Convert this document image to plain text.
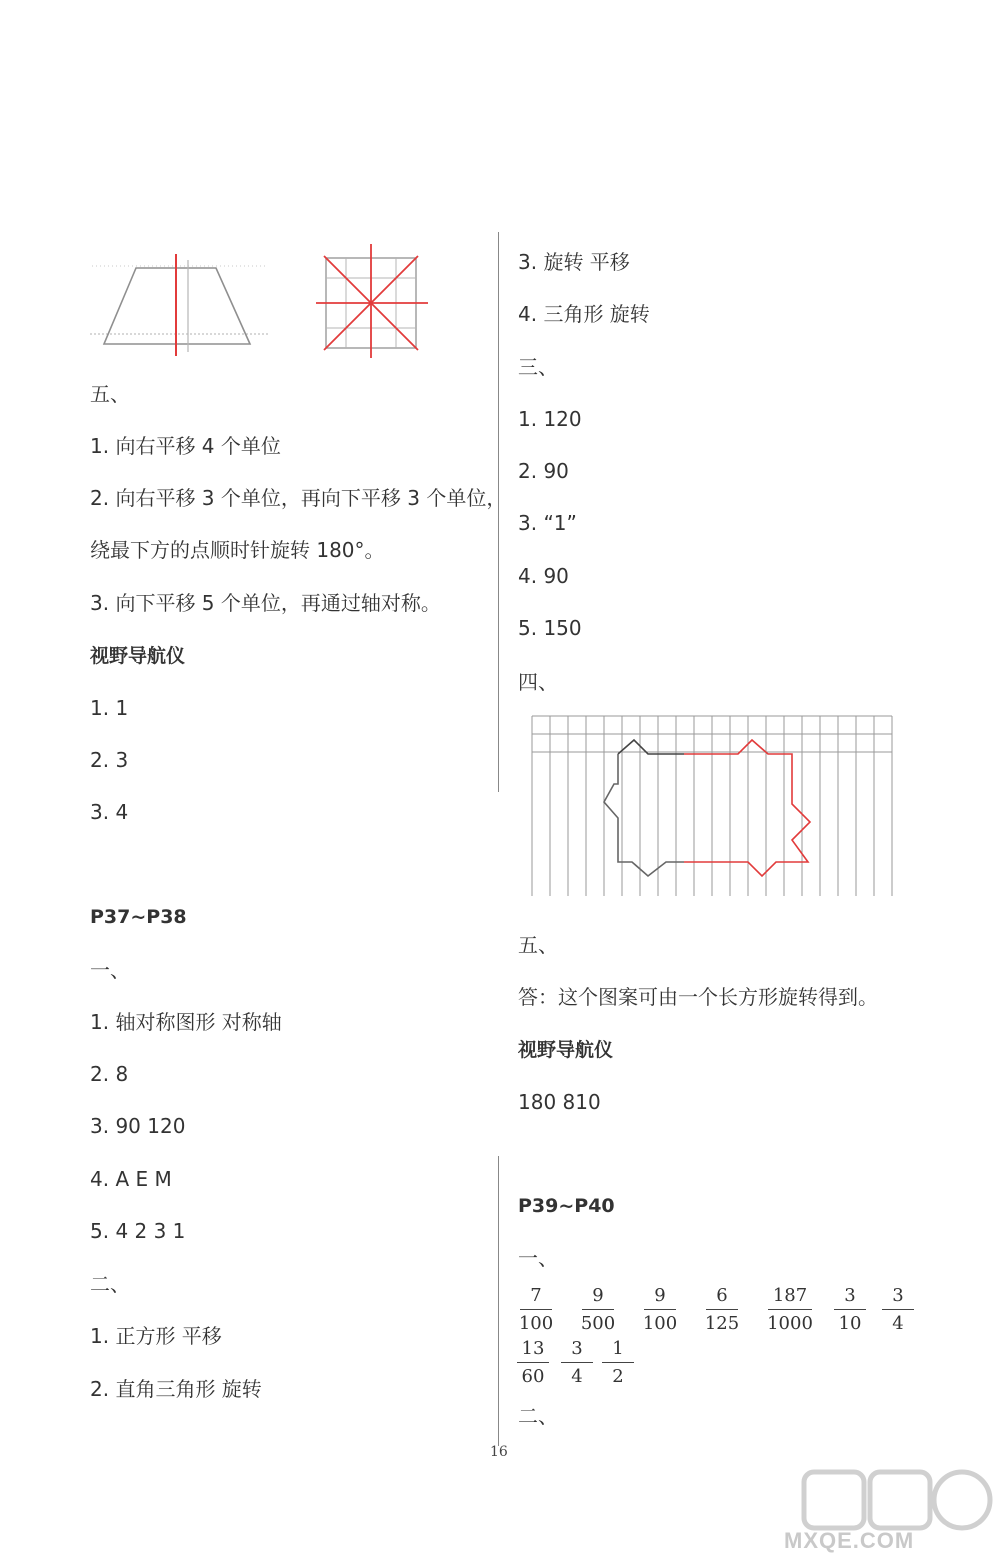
五、
1. 向右平移 4 个单位
2. 向右平移 3 个单位，再向下平移 3 个单位，
绕最下方的点顺时针旋转 180°。
3. 向下平移 5 个单位，再通过轴对称。
视野导航仪
1. 1
2. 3
3. 4
P37~P38
一、
1. 轴对称图形 对称轴
2. 8
3. 90 120
4. A E M
5. 4 2 3 1
二、
1. 正方形 平移
2. 直角三角形 旋转
3. 旋转 平移
4. 三角形 旋转
三、
1. 120
2. 90
3. “1”
4. 90
5. 150
四、
五、
答：这个图案可由一个长方形旋转得到。
视野导航仪
180 810
P39~P40
一、
7
100
9
500
9
100
6
125
187
1000
3
10
3
4
13
60
3
4
1
2
二、
16
MXQE.COM
